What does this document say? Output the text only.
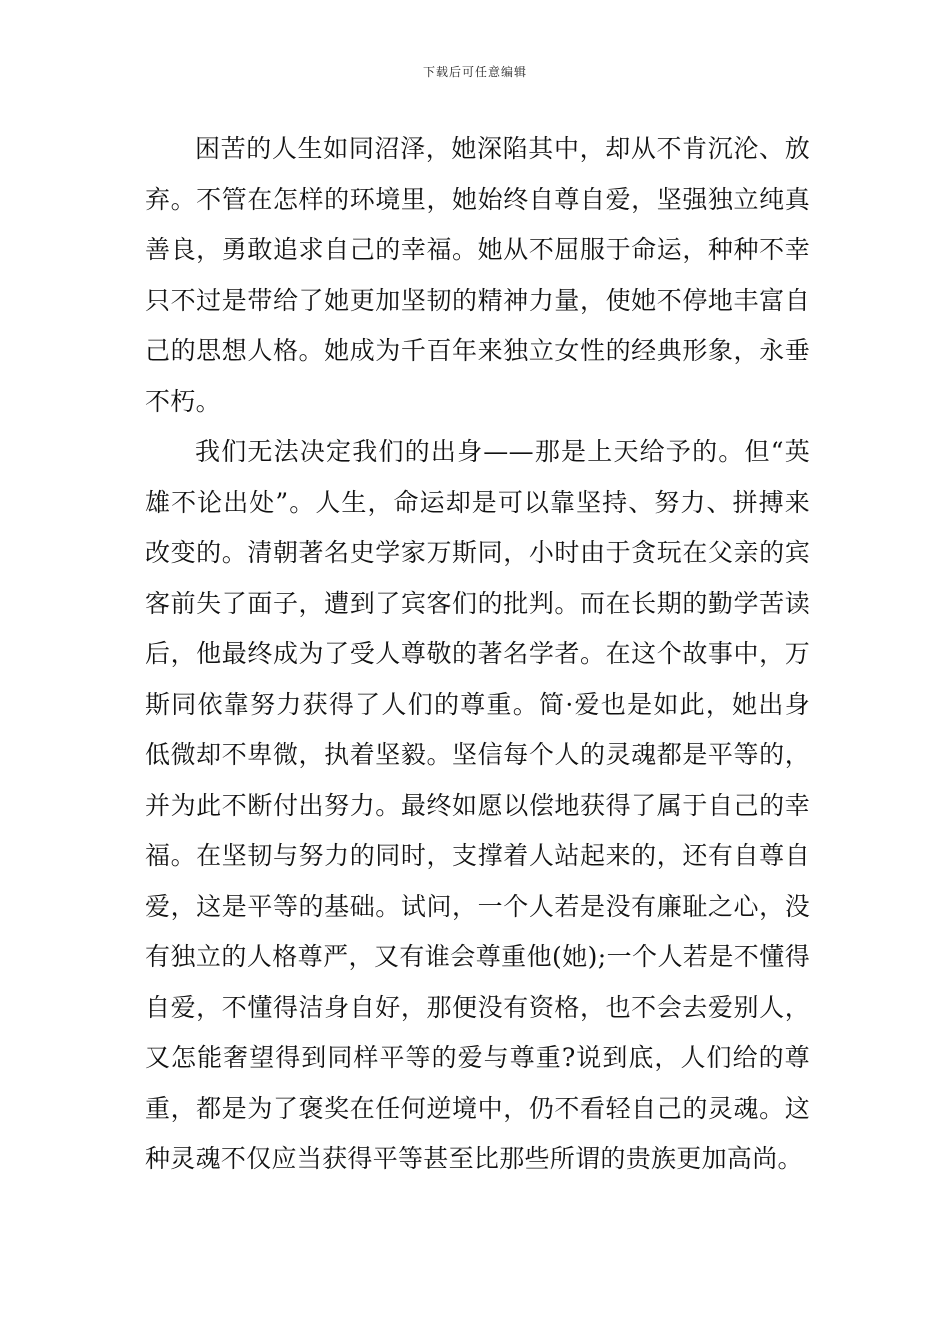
下载后可任意编辑

困苦的人生如同沼泽，她深陷其中，却从不肯沉沦、放弃。不管在怎样的环境里，她始终自尊自爱，坚强独立纯真善良，勇敢追求自己的幸福。她从不屈服于命运，种种不幸只不过是带给了她更加坚韧的精神力量，使她不停地丰富自己的思想人格。她成为千百年来独立女性的经典形象，永垂不朽。

我们无法决定我们的出身——那是上天给予的。但“英雄不论出处”。人生，命运却是可以靠坚持、努力、拼搏来改变的。清朝著名史学家万斯同，小时由于贪玩在父亲的宾客前失了面子，遭到了宾客们的批判。而在长期的勤学苦读后，他最终成为了受人尊敬的著名学者。在这个故事中，万斯同依靠努力获得了人们的尊重。简·爱也是如此，她出身低微却不卑微，执着坚毅。坚信每个人的灵魂都是平等的，并为此不断付出努力。最终如愿以偿地获得了属于自己的幸福。在坚韧与努力的同时，支撑着人站起来的，还有自尊自爱，这是平等的基础。试问，一个人若是没有廉耻之心，没有独立的人格尊严，又有谁会尊重他(她);一个人若是不懂得自爱，不懂得洁身自好，那便没有资格，也不会去爱别人，又怎能奢望得到同样平等的爱与尊重?说到底，人们给的尊重，都是为了褒奖在任何逆境中，仍不看轻自己的灵魂。这种灵魂不仅应当获得平等甚至比那些所谓的贵族更加高尚。
